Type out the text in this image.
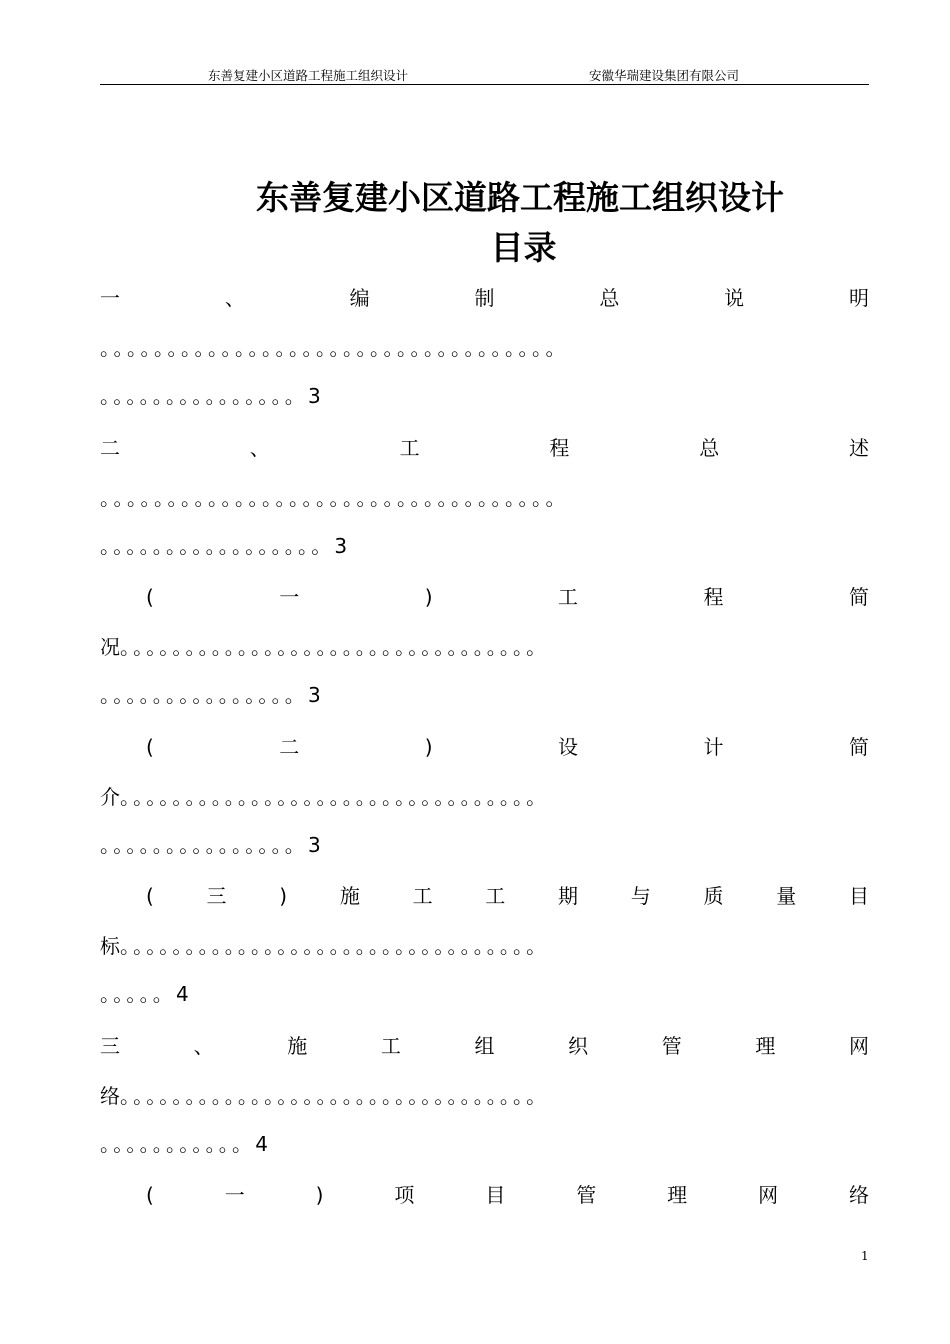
东善复建小区道路工程施工组织设计	安徽华瑞建设集团有限公司
东善复建小区道路工程施工组织设计
目录
一	、	编	制	总	说	明
。。。。。。。。。。。。。。。。。。。。。。。。。。。。。。。。。。
。。。。。。。。。。。。。。。3
二	、	工	程	总	述
。。。。。。。。。。。。。。。。。。。。。。。。。。。。。。。。。。
。。。。。。。。。。。。。。。。。3
(	一	)	工	程	简
况 。。。。。。。。。。。。。。。。。。。。。。。。。。。。。。。。
。。。。。。。。。。。。。。。3
(	二	)	设	计	简
介 。。。。。。。。。。。。。。。。。。。。。。。。。。。。。。。。
。。。。。。。。。。。。。。。3
(	三	)	施	工	工	期	与	质	量	目
标 。。。。。。。。。。。。。。。。。。。。。。。。。。。。。。。。
。。。。。4
三	、	施	工	组	织	管	理	网
络 。。。。。。。。。。。。。。。。。。。。。。。。。。。。。。。。
。。。。。。。。。。。4
(	一	)	项	目	管	理	网	络
1
